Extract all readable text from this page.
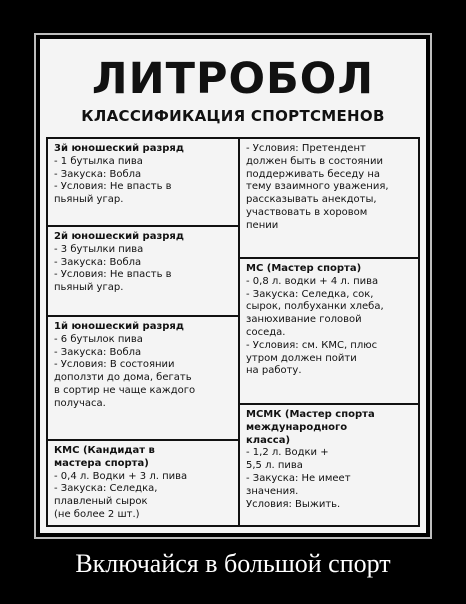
ЛИТРОБОЛ
КЛАССИФИКАЦИЯ СПОРТСМЕНОВ
3й юношеский разряд
- 1 бутылка пива
- Закуска: Вобла
- Условия: Не впасть в
пьяный угар.
2й юношеский разряд
- 3 бутылки пива
- Закуска: Вобла
- Условия: Не впасть в
пьяный угар.
1й юношеский разряд
- 6 бутылок пива
- Закуска: Вобла
- Условия: В состоянии
доползти до дома, бегать
в сортир не чаще каждого
получаса.
КМС (Кандидат в
мастера спорта)
- 0,4 л. Водки + 3 л. пива
- Закуска: Селедка,
плавленый сырок
(не более 2 шт.)
- Условия: Претендент
должен быть в состоянии
поддерживать беседу на
тему взаимного уважения,
рассказывать анекдоты,
участвовать в хоровом
пении
МС (Мастер спорта)
- 0,8 л. водки + 4 л. пива
- Закуска: Селедка, сок,
сырок, полбуханки хлеба,
занюхивание головой
соседа.
- Условия: см. КМС, плюс
утром должен пойти
на работу.
МСМК (Мастер спорта
международного
класса)
- 1,2 л. Водки +
5,5 л. пива
- Закуска: Не имеет
значения.
Условия: Выжить.
Включайся в большой спорт
